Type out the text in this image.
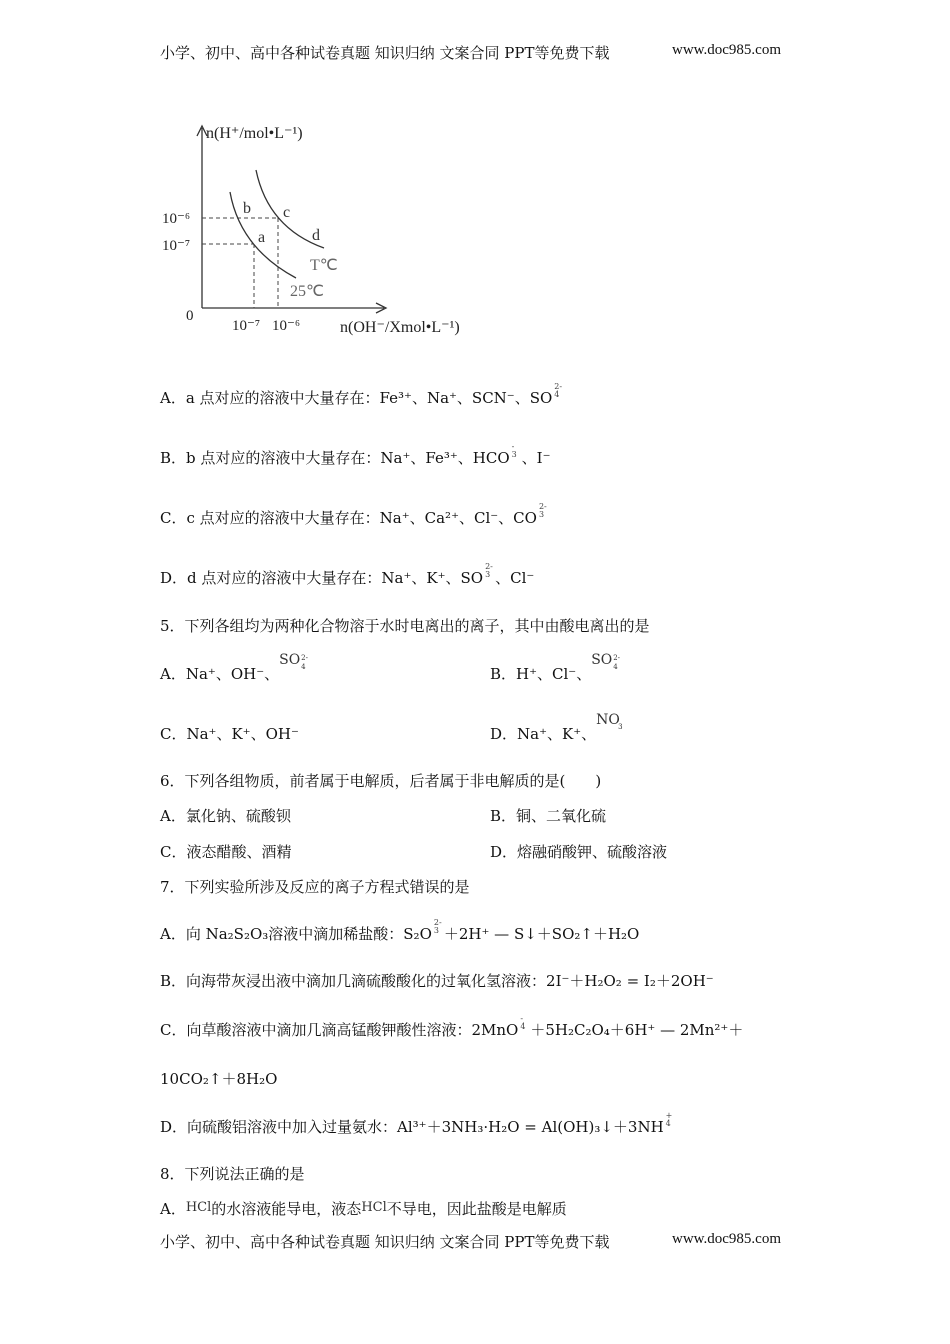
小学、初中、高中各种试卷真题 知识归纳 文案合同 PPT等免费下载	www.doc985.com
n(H⁺/mol•L⁻¹)
10⁻⁶
10⁻⁷
0
10⁻⁷ 10⁻⁶ n(OH⁻/Xmol•L⁻¹)
a
b c
d
T℃
25℃
A．a 点对应的溶液中大量存在：Fe³⁺、Na⁺、SCN⁻、SO
2-
4
B．b 点对应的溶液中大量存在：Na⁺、Fe³⁺、HCO
-
3 、I⁻
C．c 点对应的溶液中大量存在：Na⁺、Ca²⁺、Cl⁻、CO
2-
3
D．d 点对应的溶液中大量存在：Na⁺、K⁺、SO
2-
3 、Cl⁻
5．下列各组均为两种化合物溶于水时电离出的离子，其中由酸电离出的是
A．Na⁺、OH⁻、
SO 2-
4	B．H⁺、Cl⁻、
SO 2-
4
C．Na⁺、K⁺、OH⁻	D．Na⁺、K⁺、
NO
3
6．下列各组物质，前者属于电解质，后者属于非电解质的是(　　)
A．氯化钠、硫酸钡	B．铜、二氧化硫
C．液态醋酸、酒精	D．熔融硝酸钾、硫酸溶液
7．下列实验所涉及反应的离子方程式错误的是
A．向 Na₂S₂O₃溶液中滴加稀盐酸：S₂O
2-
3 ＋2H⁺ — S↓＋SO₂↑＋H₂O
B．向海带灰浸出液中滴加几滴硫酸酸化的过氧化氢溶液：2I⁻＋H₂O₂ = I₂＋2OH⁻
C．向草酸溶液中滴加几滴高锰酸钾酸性溶液：2MnO
-
4 ＋5H₂C₂O₄＋6H⁺ — 2Mn²⁺＋
10CO₂↑＋8H₂O
D．向硫酸铝溶液中加入过量氨水：Al³⁺＋3NH₃·H₂O = Al(OH)₃↓＋3NH
+
4
8．下列说法正确的是
A．HCl的水溶液能导电，液态HCl不导电，因此盐酸是电解质
小学、初中、高中各种试卷真题 知识归纳 文案合同 PPT等免费下载	www.doc985.com
